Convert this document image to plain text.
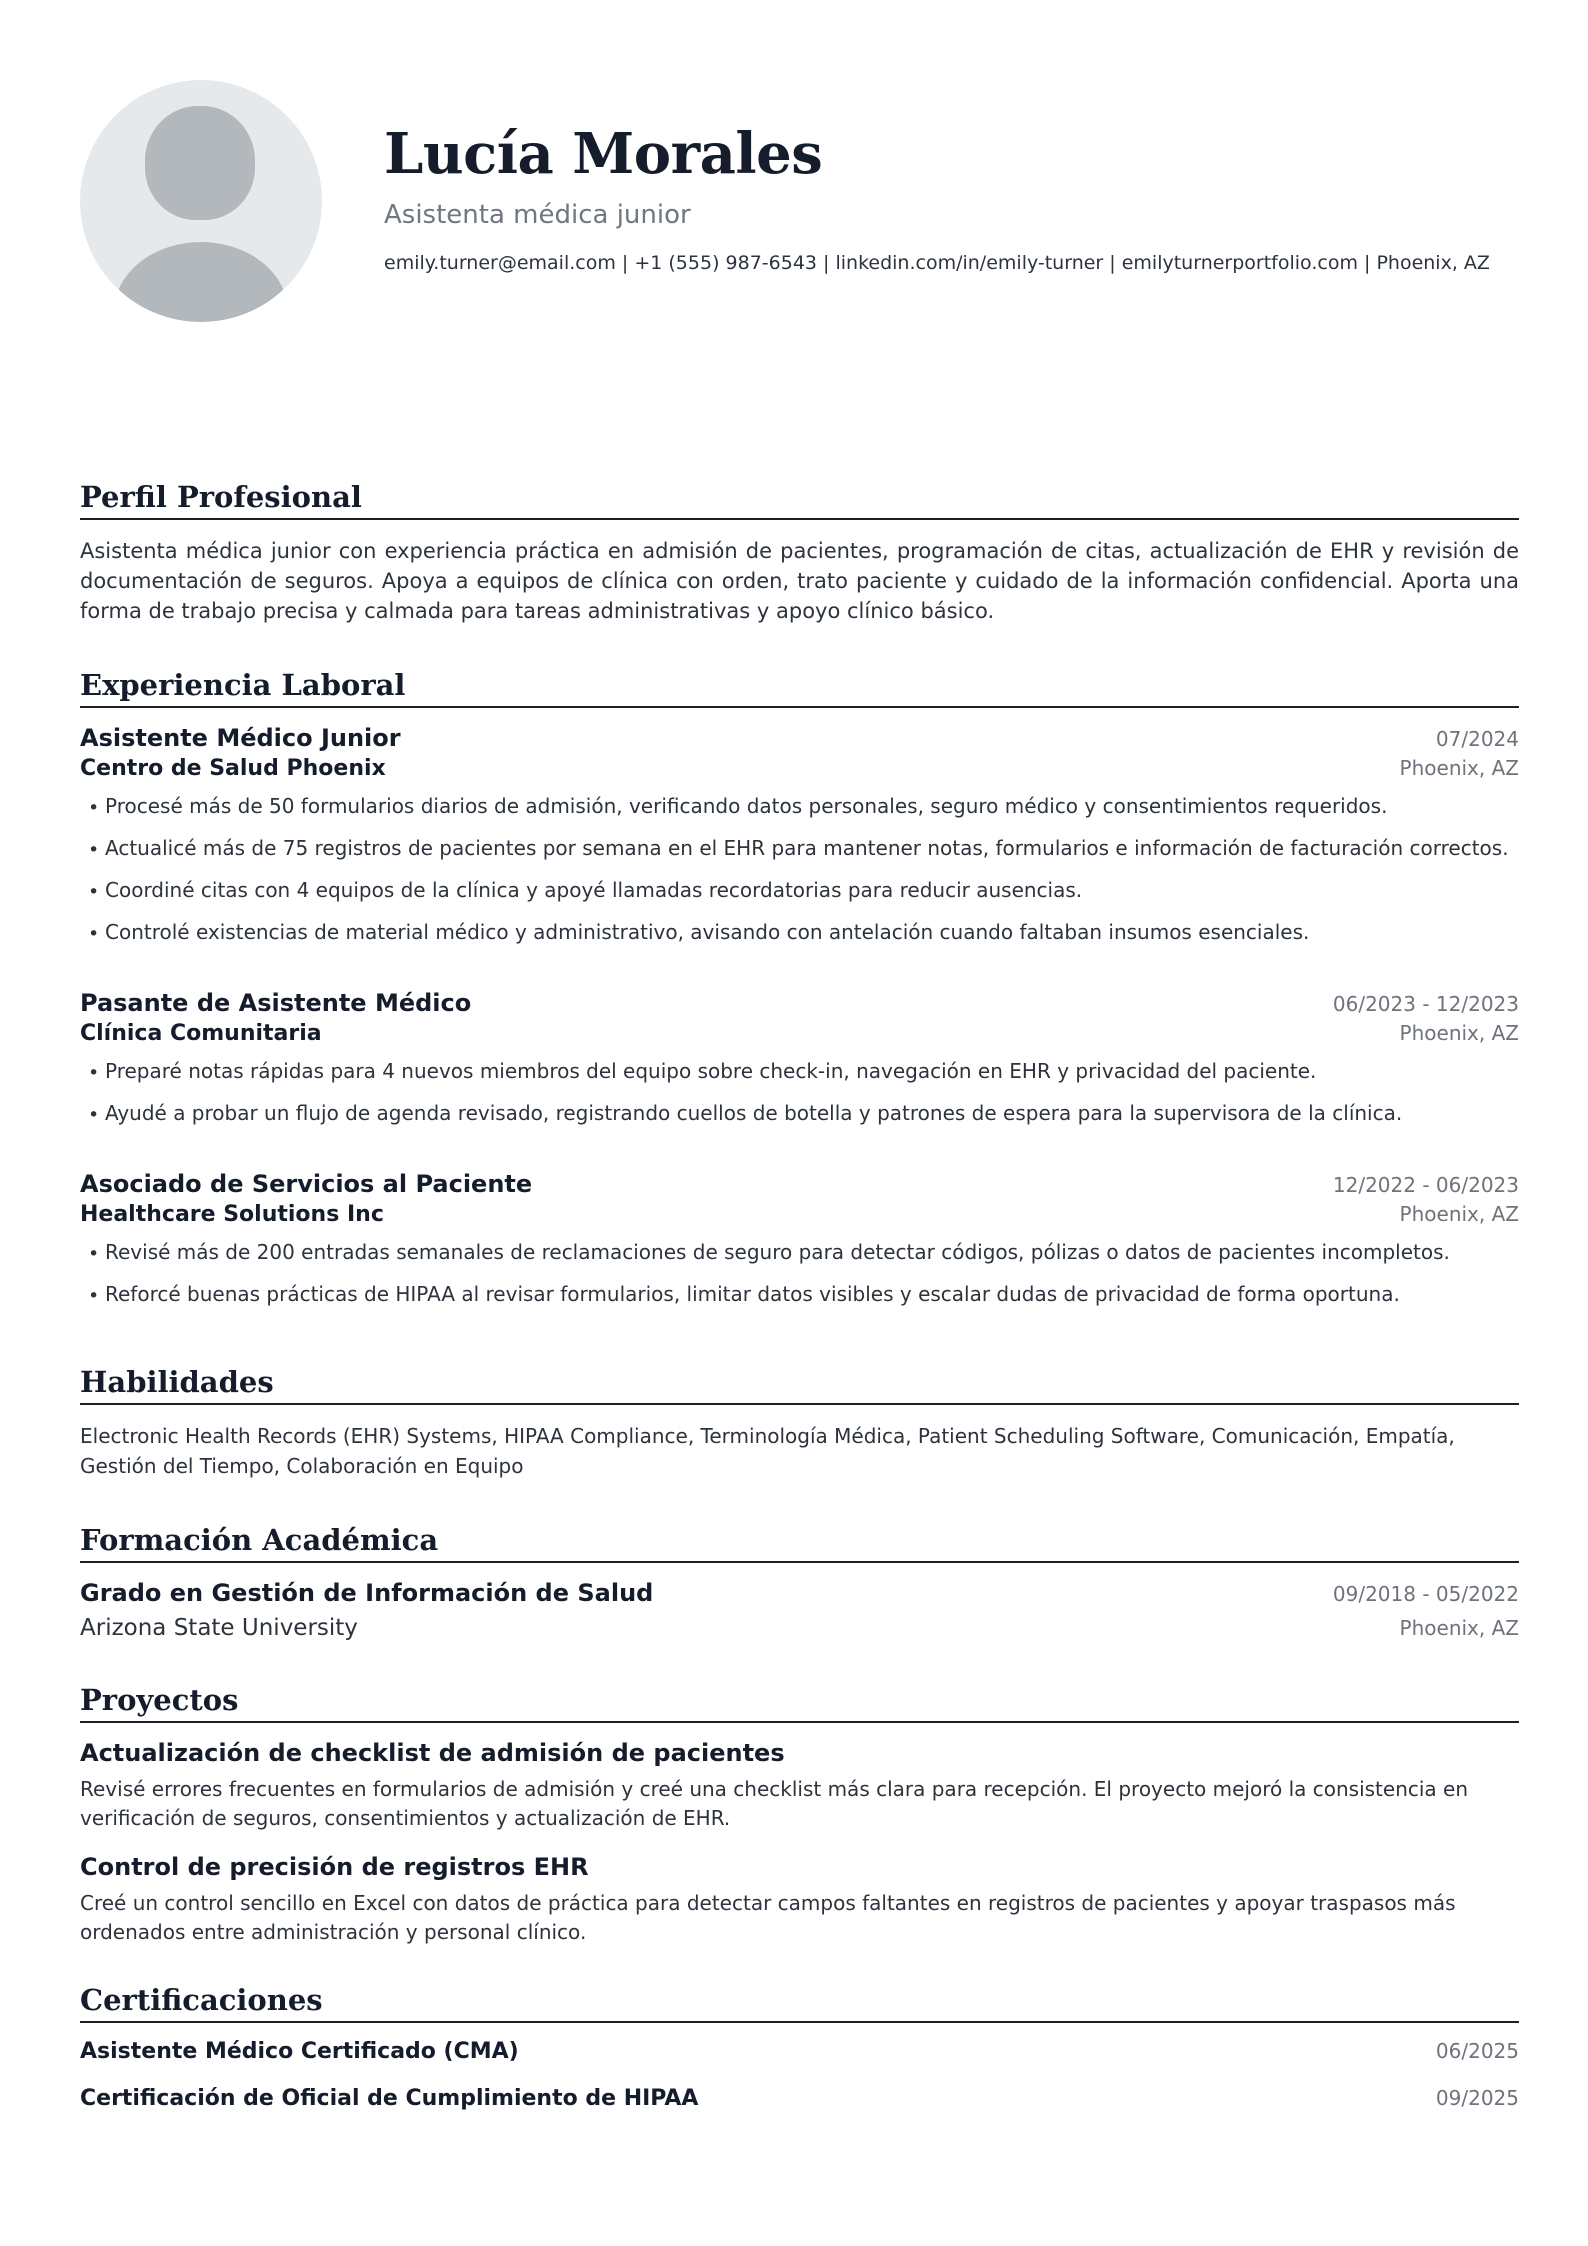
Lucía Morales
Asistenta médica junior
emily.turner@email.com | +1 (555) 987-6543 | linkedin.com/in/emily-turner | emilyturnerportfolio.com | Phoenix, AZ
Perfil Profesional
Asistenta médica junior con experiencia práctica en admisión de pacientes, programación de citas, actualización de EHR y revisión de documentación de seguros. Apoya a equipos de clínica con orden, trato paciente y cuidado de la información confidencial. Aporta una forma de trabajo precisa y calmada para tareas administrativas y apoyo clínico básico.
Experiencia Laboral
Asistente Médico Junior	07/2024
Centro de Salud Phoenix	Phoenix, AZ
• Procesé más de 50 formularios diarios de admisión, verificando datos personales, seguro médico y consentimientos requeridos.
• Actualicé más de 75 registros de pacientes por semana en el EHR para mantener notas, formularios e información de facturación correctos.
• Coordiné citas con 4 equipos de la clínica y apoyé llamadas recordatorias para reducir ausencias.
• Controlé existencias de material médico y administrativo, avisando con antelación cuando faltaban insumos esenciales.
Pasante de Asistente Médico	06/2023 - 12/2023
Clínica Comunitaria	Phoenix, AZ
• Preparé notas rápidas para 4 nuevos miembros del equipo sobre check-in, navegación en EHR y privacidad del paciente.
• Ayudé a probar un flujo de agenda revisado, registrando cuellos de botella y patrones de espera para la supervisora de la clínica.
Asociado de Servicios al Paciente	12/2022 - 06/2023
Healthcare Solutions Inc	Phoenix, AZ
• Revisé más de 200 entradas semanales de reclamaciones de seguro para detectar códigos, pólizas o datos de pacientes incompletos.
• Reforcé buenas prácticas de HIPAA al revisar formularios, limitar datos visibles y escalar dudas de privacidad de forma oportuna.
Habilidades
Electronic Health Records (EHR) Systems, HIPAA Compliance, Terminología Médica, Patient Scheduling Software, Comunicación, Empatía, Gestión del Tiempo, Colaboración en Equipo
Formación Académica
Grado en Gestión de Información de Salud	09/2018 - 05/2022
Arizona State University	Phoenix, AZ
Proyectos
Actualización de checklist de admisión de pacientes
Revisé errores frecuentes en formularios de admisión y creé una checklist más clara para recepción. El proyecto mejoró la consistencia en verificación de seguros, consentimientos y actualización de EHR.
Control de precisión de registros EHR
Creé un control sencillo en Excel con datos de práctica para detectar campos faltantes en registros de pacientes y apoyar traspasos más ordenados entre administración y personal clínico.
Certificaciones
Asistente Médico Certificado (CMA)	06/2025
Certificación de Oficial de Cumplimiento de HIPAA	09/2025
